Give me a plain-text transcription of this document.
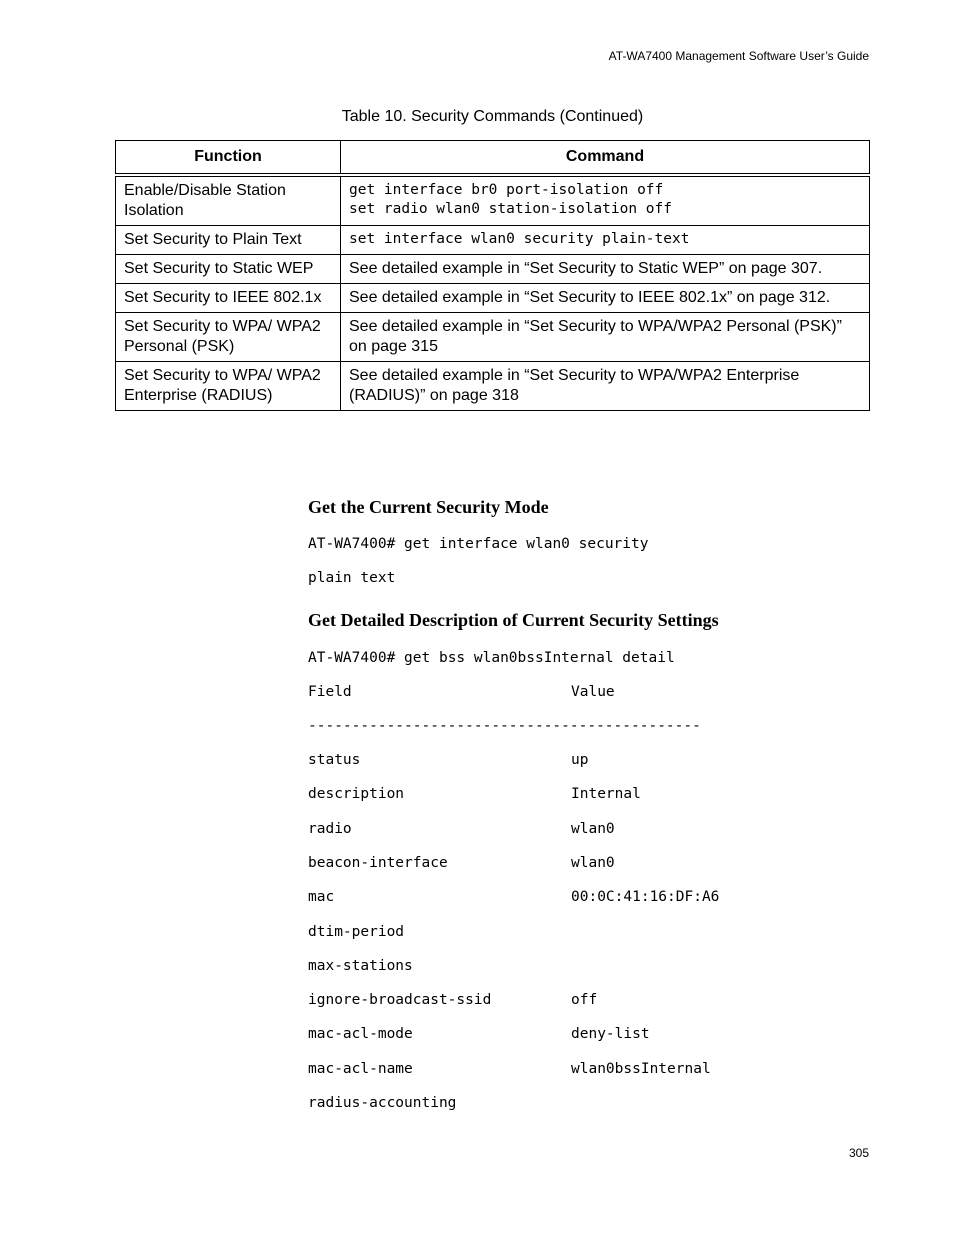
AT-WA7400 Management Software User’s Guide
Table 10. Security Commands (Continued)
Function	Command
Enable/Disable Station Isolation	get interface br0 port-isolation off
set radio wlan0 station-isolation off

Set Security to Plain Text	set interface wlan0 security plain-text

Set Security to Static WEP	See detailed example in “Set Security to Static WEP” on page 307.

Set Security to IEEE 802.1x	See detailed example in “Set Security to IEEE 802.1x” on page 312.

Set Security to WPA/ WPA2 Personal (PSK)	See detailed example in “Set Security to WPA/WPA2 Personal (PSK)” on page 315

Set Security to WPA/ WPA2 Enterprise (RADIUS)	See detailed example in “Set Security to WPA/WPA2 Enterprise (RADIUS)” on page 318
Get the Current Security Mode
AT-WA7400# get interface wlan0 security
plain text
Get Detailed Description of Current Security Settings
AT-WA7400# get bss wlan0bssInternal detail
Field	Value
---------------------------------------------
status	up
description	Internal
radio	wlan0
beacon-interface	wlan0
mac	00:0C:41:16:DF:A6
dtim-period
max-stations
ignore-broadcast-ssid	off
mac-acl-mode	deny-list
mac-acl-name	wlan0bssInternal
radius-accounting
305
